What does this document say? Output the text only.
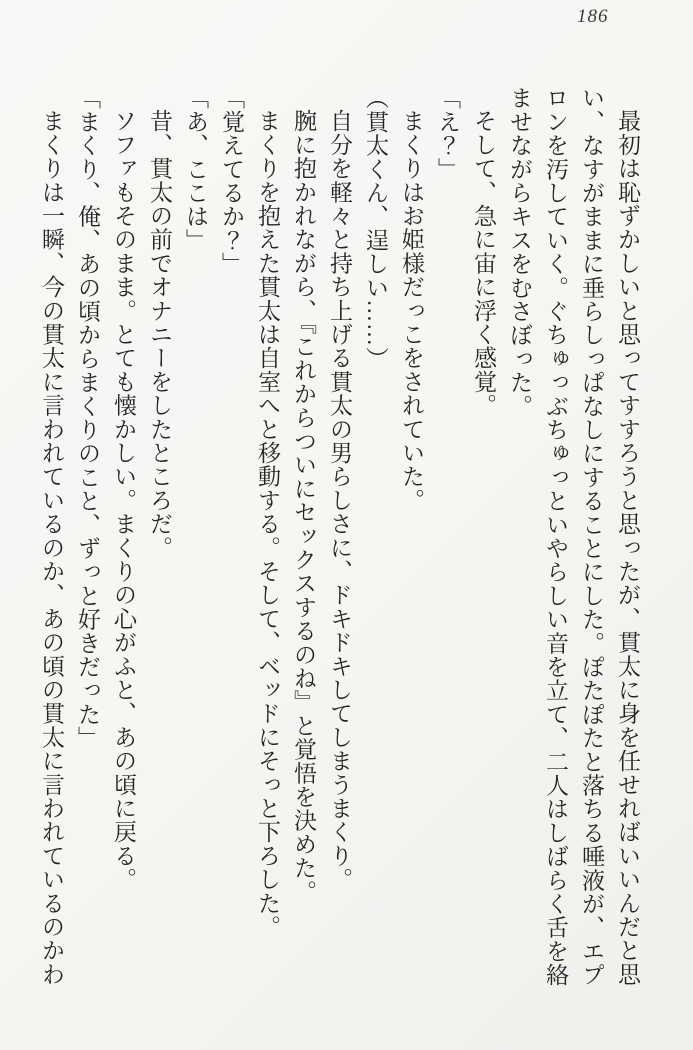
186
最初は恥ずかしいと思ってすすろうと思ったが、貫太に身を任せればいいんだと思
い、なすがままに垂らしっぱなしにすることにした。ぽたぽたと落ちる唾液が、エプ
ロンを汚していく。ぐちゅっぶちゅっといやらしい音を立て、二人はしばらく舌を絡
ませながらキスをむさぼった。
そして、急に宙に浮く感覚。
「え？」
まくりはお姫様だっこをされていた。
（貫太くん、逞しい……）
自分を軽々と持ち上げる貫太の男らしさに、ドキドキしてしまうまくり。
腕に抱かれながら、『これからついにセックスするのね』と覚悟を決めた。
まくりを抱えた貫太は自室へと移動する。そして、ベッドにそっと下ろした。
「覚えてるか？」
「あ、ここは」
昔、貫太の前でオナニーをしたところだ。
ソファもそのまま。とても懐かしい。まくりの心がふと、あの頃に戻る。
「まくり、俺、あの頃からまくりのこと、ずっと好きだった」
まくりは一瞬、今の貫太に言われているのか、あの頃の貫太に言われているのかわ
